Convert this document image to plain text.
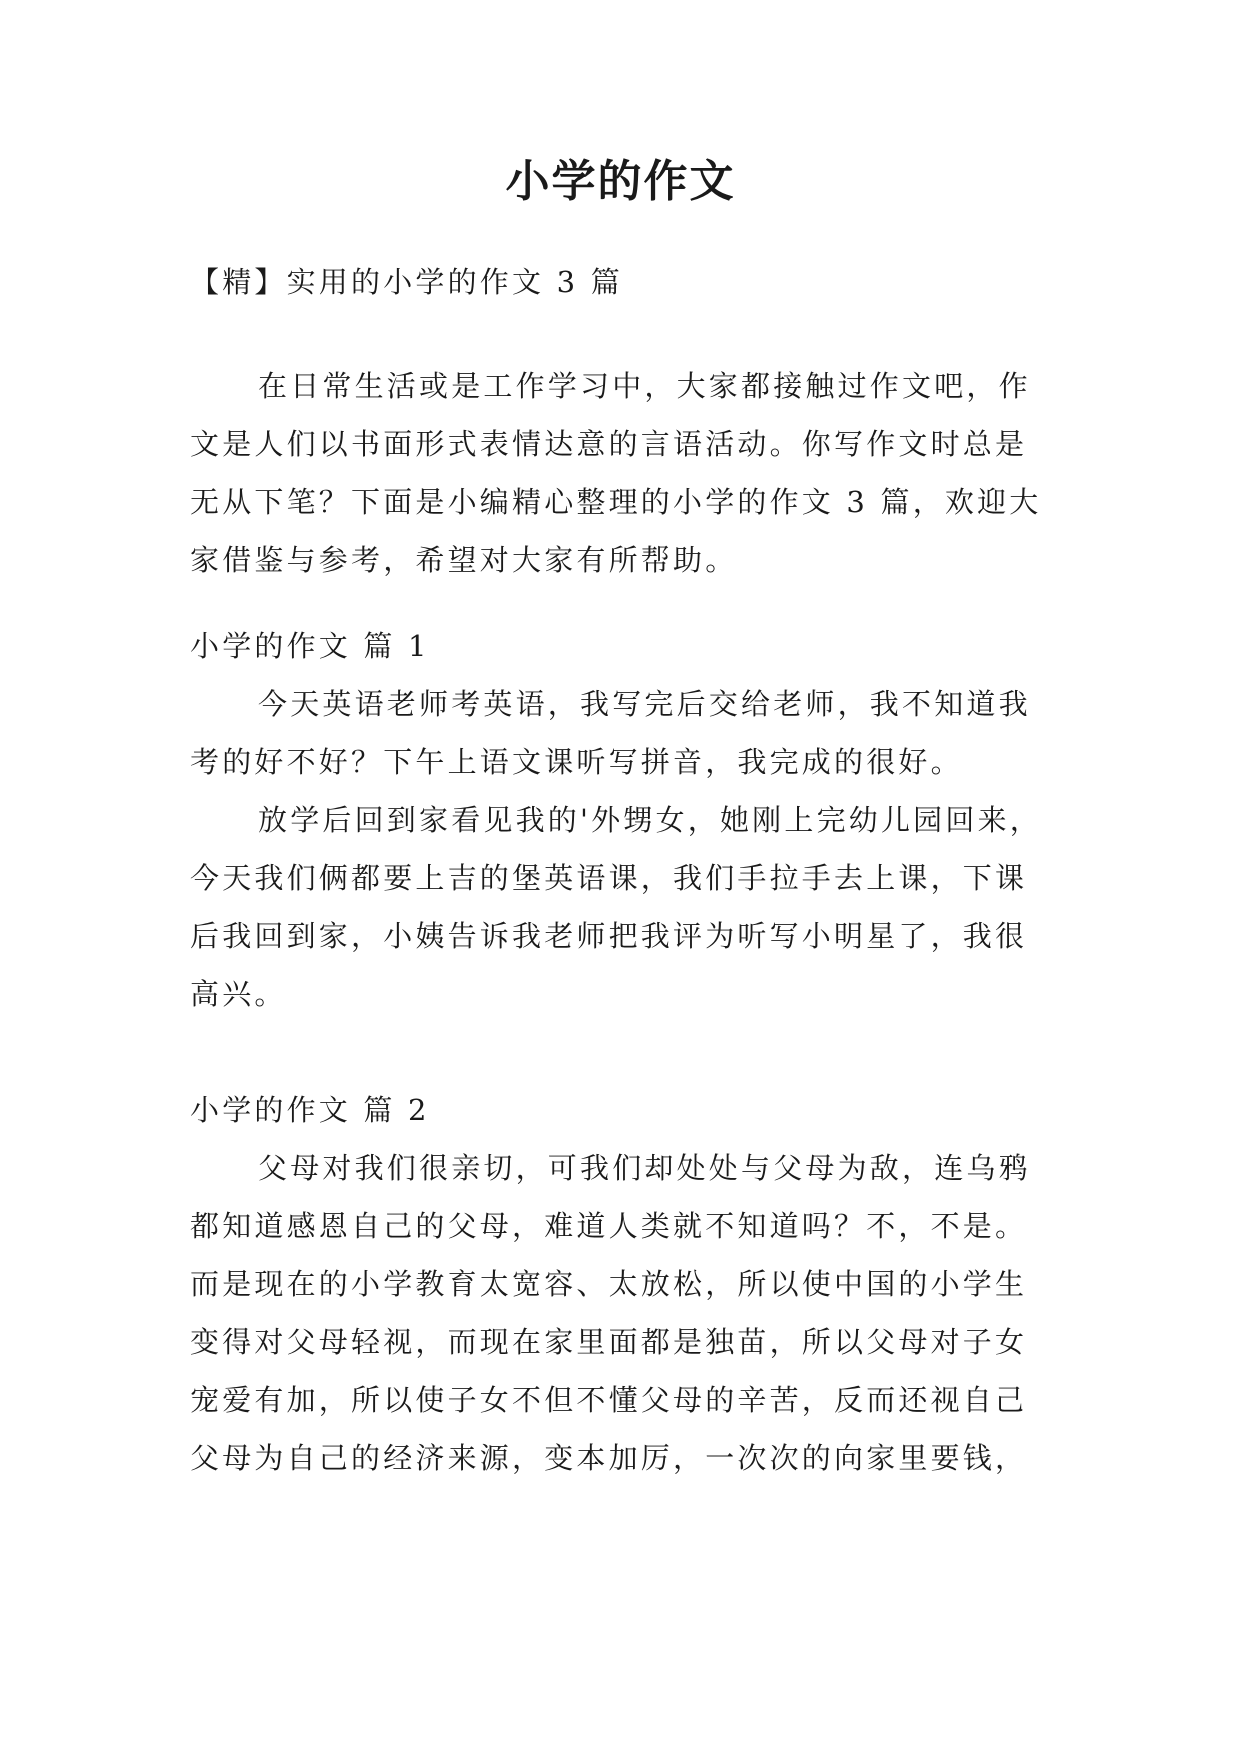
小学的作文
【精】实用的小学的作文 3 篇
在日常生活或是工作学习中，大家都接触过作文吧，作
文是人们以书面形式表情达意的言语活动。你写作文时总是
无从下笔？下面是小编精心整理的小学的作文 3 篇，欢迎大
家借鉴与参考，希望对大家有所帮助。
小学的作文 篇 1
今天英语老师考英语，我写完后交给老师，我不知道我
考的好不好？下午上语文课听写拼音，我完成的很好。
放学后回到家看见我的'外甥女，她刚上完幼儿园回来，
今天我们俩都要上吉的堡英语课，我们手拉手去上课，下课
后我回到家，小姨告诉我老师把我评为听写小明星了，我很
高兴。
小学的作文 篇 2
父母对我们很亲切，可我们却处处与父母为敌，连乌鸦
都知道感恩自己的父母，难道人类就不知道吗？不，不是。
而是现在的小学教育太宽容、太放松，所以使中国的小学生
变得对父母轻视，而现在家里面都是独苗，所以父母对子女
宠爱有加，所以使子女不但不懂父母的辛苦，反而还视自己
父母为自己的经济来源，变本加厉，一次次的向家里要钱，
